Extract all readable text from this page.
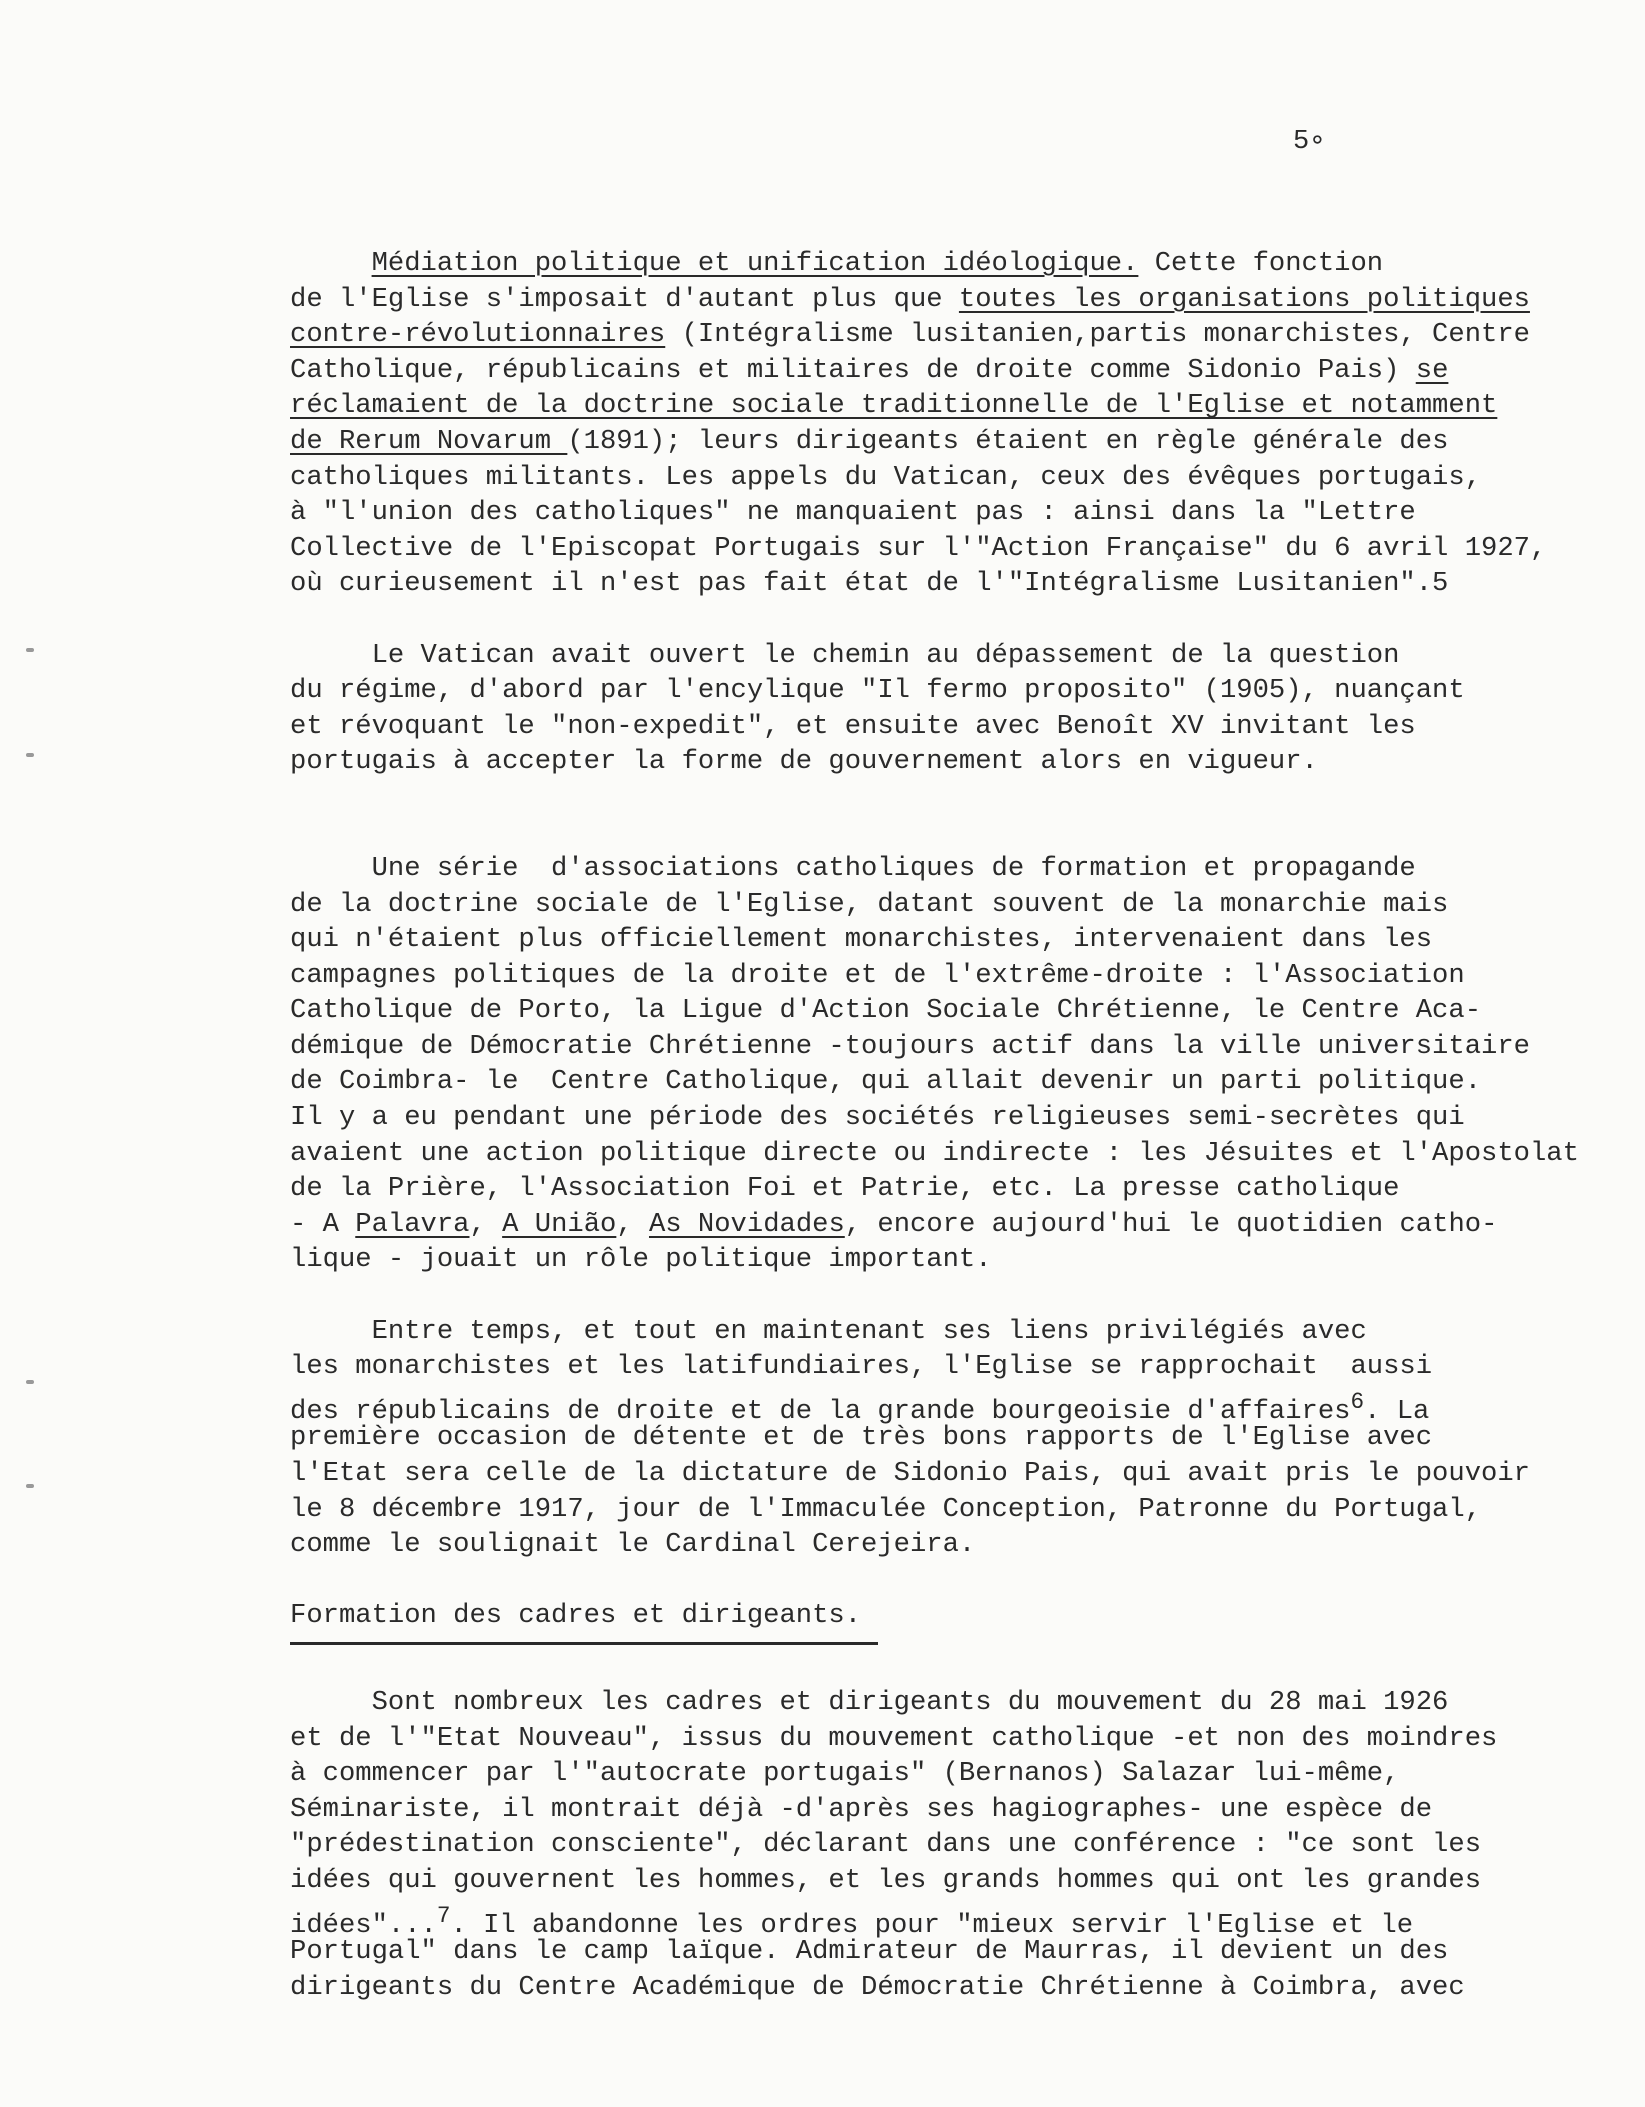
5∘
Médiation politique et unification idéologique. Cette fonction
de l'Eglise s'imposait d'autant plus que toutes les organisations politiques
contre-révolutionnaires (Intégralisme lusitanien,partis monarchistes, Centre
Catholique, républicains et militaires de droite comme Sidonio Pais) se
réclamaient de la doctrine sociale traditionnelle de l'Eglise et notamment
de Rerum Novarum (1891); leurs dirigeants étaient en règle générale des
catholiques militants. Les appels du Vatican, ceux des évêques portugais,
à "l'union des catholiques" ne manquaient pas : ainsi dans la "Lettre
Collective de l'Episcopat Portugais sur l'"Action Française" du 6 avril 1927,
où curieusement il n'est pas fait état de l'"Intégralisme Lusitanien".5
Le Vatican avait ouvert le chemin au dépassement de la question
du régime, d'abord par l'encylique "Il fermo proposito" (1905), nuançant
et révoquant le "non-expedit", et ensuite avec Benoît XV invitant les
portugais à accepter la forme de gouvernement alors en vigueur.
Une série  d'associations catholiques de formation et propagande
de la doctrine sociale de l'Eglise, datant souvent de la monarchie mais
qui n'étaient plus officiellement monarchistes, intervenaient dans les
campagnes politiques de la droite et de l'extrême-droite : l'Association
Catholique de Porto, la Ligue d'Action Sociale Chrétienne, le Centre Aca-
démique de Démocratie Chrétienne -toujours actif dans la ville universitaire
de Coimbra- le  Centre Catholique, qui allait devenir un parti politique.
Il y a eu pendant une période des sociétés religieuses semi-secrètes qui
avaient une action politique directe ou indirecte : les Jésuites et l'Apostolat
de la Prière, l'Association Foi et Patrie, etc. La presse catholique
- A Palavra, A União, As Novidades, encore aujourd'hui le quotidien catho-
lique - jouait un rôle politique important.
Entre temps, et tout en maintenant ses liens privilégiés avec
les monarchistes et les latifundiaires, l'Eglise se rapprochait  aussi
des républicains de droite et de la grande bourgeoisie d'affaires$^6$. La
première occasion de détente et de très bons rapports de l'Eglise avec
l'Etat sera celle de la dictature de Sidonio Pais, qui avait pris le pouvoir
le 8 décembre 1917, jour de l'Immaculée Conception, Patronne du Portugal,
comme le soulignait le Cardinal Cerejeira.
Formation des cadres et dirigeants.
Sont nombreux les cadres et dirigeants du mouvement du 28 mai 1926
et de l'"Etat Nouveau", issus du mouvement catholique -et non des moindres
à commencer par l'"autocrate portugais" (Bernanos) Salazar lui-même,
Séminariste, il montrait déjà -d'après ses hagiographes- une espèce de
"prédestination consciente", déclarant dans une conférence : "ce sont les
idées qui gouvernent les hommes, et les grands hommes qui ont les grandes
idées"...$^7$. Il abandonne les ordres pour "mieux servir l'Eglise et le
Portugal" dans le camp laïque. Admirateur de Maurras, il devient un des
dirigeants du Centre Académique de Démocratie Chrétienne à Coimbra, avec
